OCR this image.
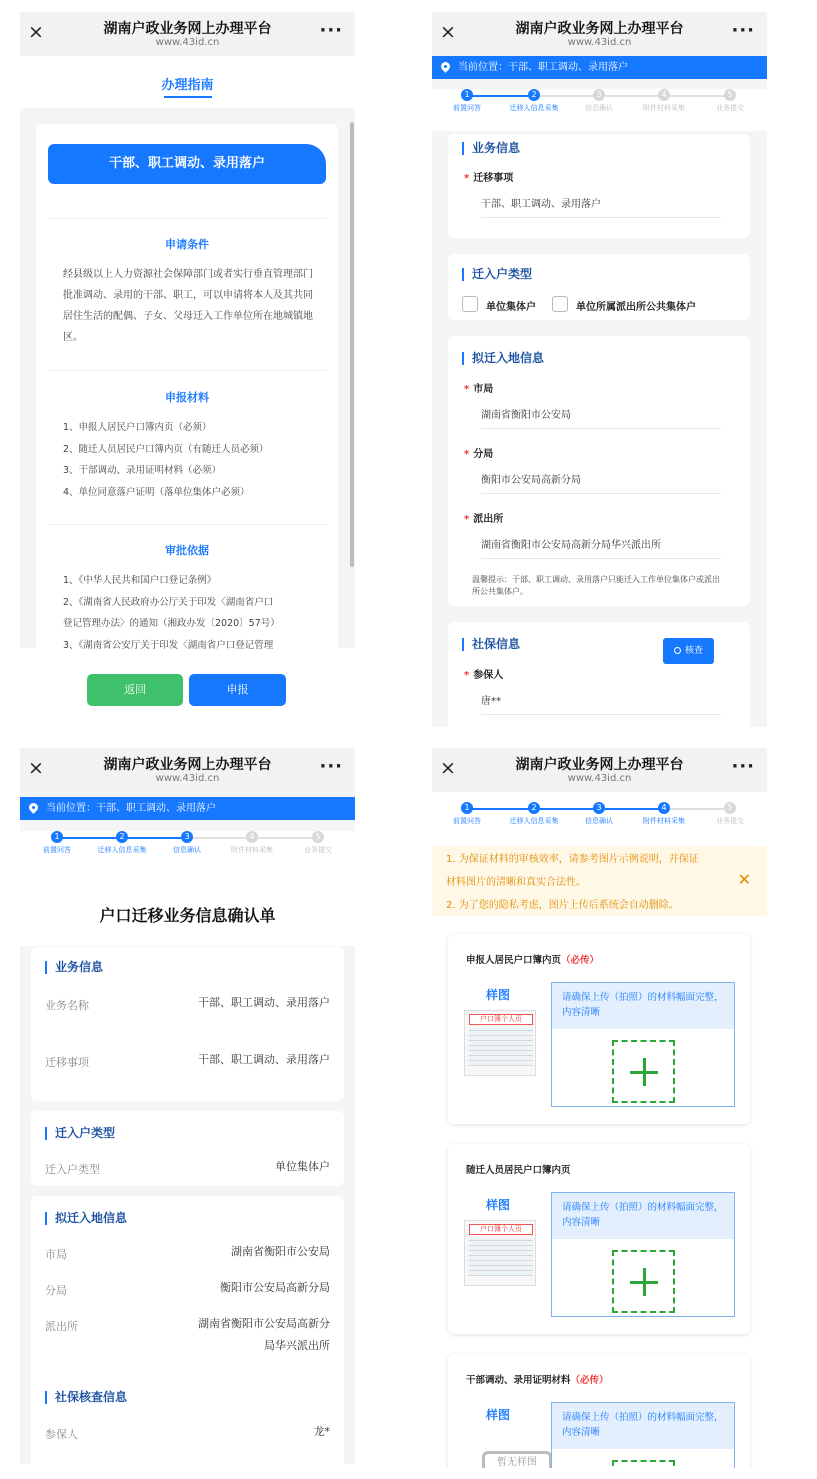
×	湖南户政业务网上办理平台
www.43id.cn
···
办理指南
干部、职工调动、录用落户
申请条件
经县级以上人力资源社会保障部门或者实行垂直管理部门批准调动、录用的干部、职工，可以申请将本人及其共同居住生活的配偶、子女、父母迁入工作单位所在地城镇地区。
申报材料
1、申报人居民户口簿内页（必须）
2、随迁人员居民户口簿内页（有随迁人员必须）
3、干部调动、录用证明材料（必须）
4、单位同意落户证明（落单位集体户必须）
审批依据
1、《中华人民共和国户口登记条例》
2、《湖南省人民政府办公厅关于印发〈湖南省户口
登记管理办法〉的通知（湘政办发〔2020〕57号）
3、《湖南省公安厅关于印发〈湖南省户口登记管理
返回	申报
×	湖南户政业务网上办理平台
www.43id.cn
···
当前位置：干部、职工调动、录用落户
1
前置问答
2
迁移人信息采集
3
信息确认
4
附件材料采集
5
业务提交
业务信息
* 迁移事项
干部、职工调动、录用落户
迁入户类型
单位集体户	单位所属派出所公共集体户
拟迁入地信息
* 市局
湖南省衡阳市公安局
* 分局
衡阳市公安局高新分局
* 派出所
湖南省衡阳市公安局高新分局华兴派出所
温馨提示：干部、职工调动、录用落户只能迁入工作单位集体户或派出所公共集体户。
社保信息	核查
* 参保人
唐**
×	湖南户政业务网上办理平台
www.43id.cn
···
当前位置：干部、职工调动、录用落户
1
前置问答
2
迁移人信息采集
3
信息确认
4
附件材料采集
5
业务提交
户口迁移业务信息确认单
业务信息
业务名称	干部、职工调动、录用落户
迁移事项	干部、职工调动、录用落户
迁入户类型
迁入户类型	单位集体户
拟迁入地信息
市局	湖南省衡阳市公安局
分局	衡阳市公安局高新分局
派出所	湖南省衡阳市公安局高新分局华兴派出所
社保核查信息
参保人	龙*
×	湖南户政业务网上办理平台
www.43id.cn
···
1
前置问答
2
迁移人信息采集
3
信息确认
4
附件材料采集
5
业务提交
1. 为保证材料的审核效率，请参考图片示例说明，并保证
材料图片的清晰和真实合法性。
2. 为了您的隐私考虑，图片上传后系统会自动删除。
✕
申报人居民户口簿内页（必传）
样图
户口簿个人页
请确保上传（拍照）的材料幅面完整，内容清晰
随迁人员居民户口簿内页
样图
户口簿个人页
请确保上传（拍照）的材料幅面完整，内容清晰
干部调动、录用证明材料（必传）
样图
暂无样图
请确保上传（拍照）的材料幅面完整，内容清晰
